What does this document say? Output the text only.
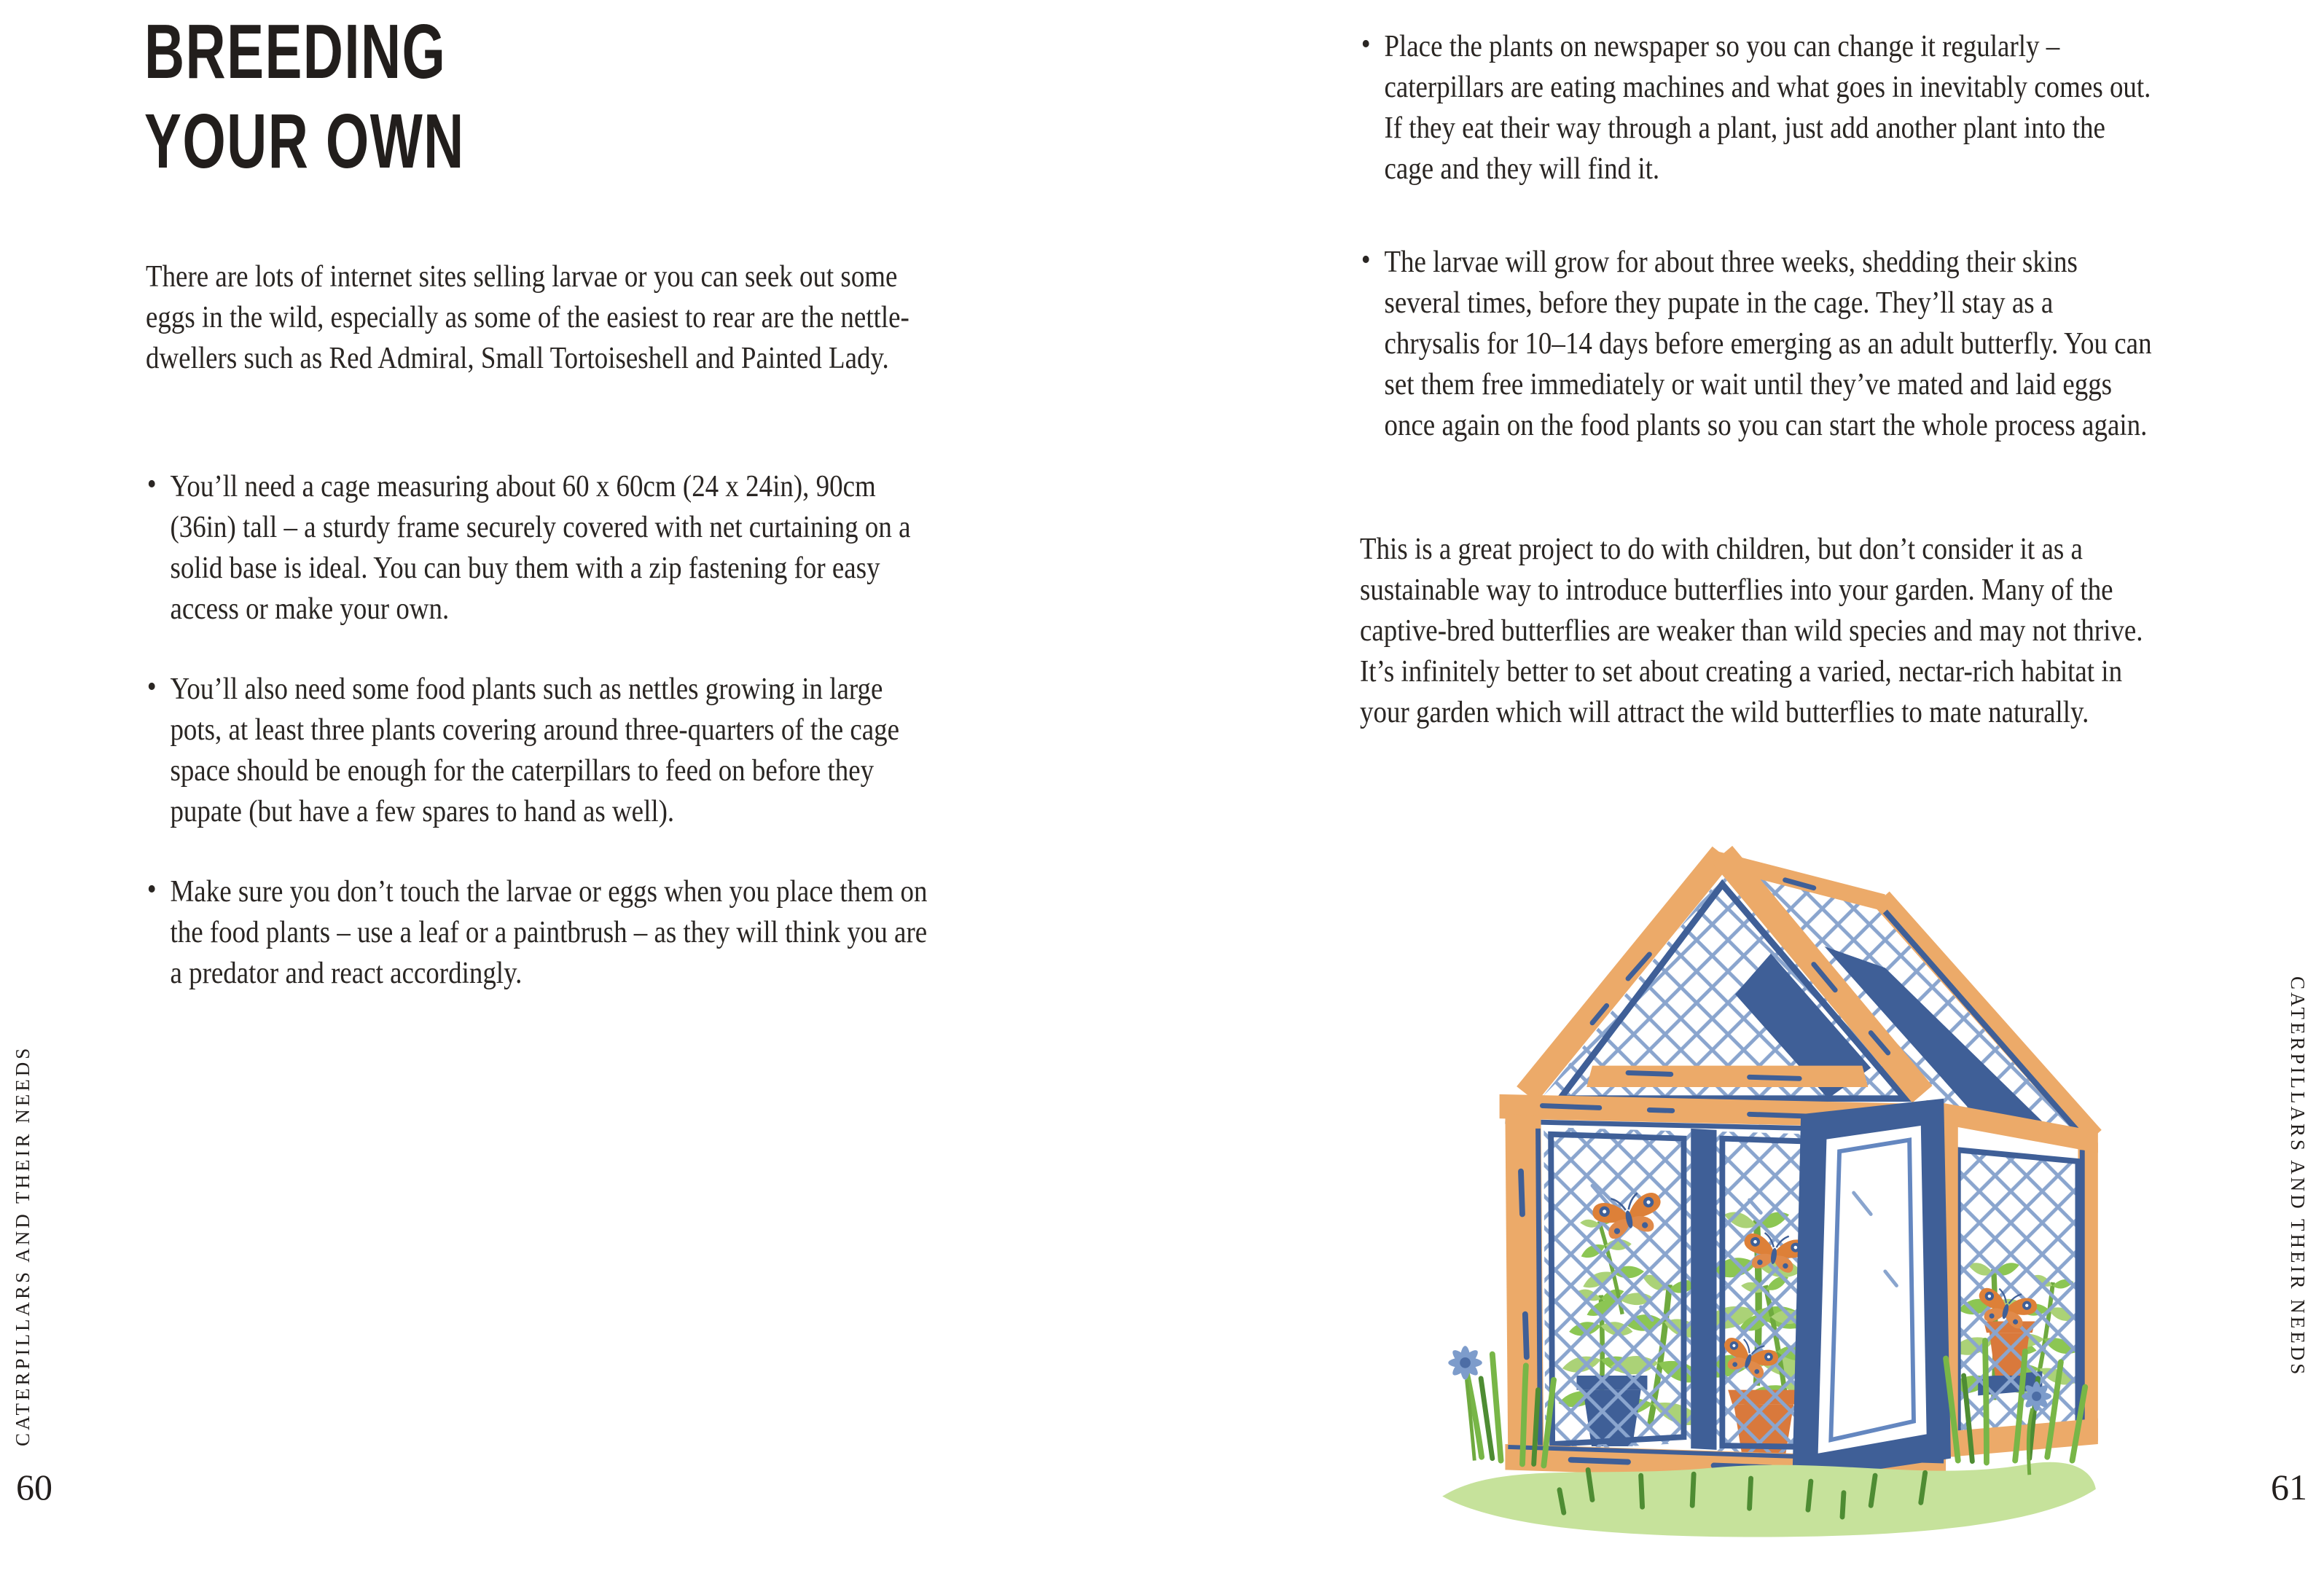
BREEDING
YOUR OWN
There are lots of internet sites selling larvae or you can seek out some eggs in the wild, especially as some of the easiest to rear are the nettle-dwellers such as Red Admiral, Small Tortoiseshell and Painted Lady.
• You’ll need a cage measuring about 60 x 60cm (24 x 24in), 90cm (36in) tall – a sturdy frame securely covered with net curtaining on a solid base is ideal. You can buy them with a zip fastening for easy access or make your own.
• You’ll also need some food plants such as nettles growing in large pots, at least three plants covering around three-quarters of the cage space should be enough for the caterpillars to feed on before they pupate (but have a few spares to hand as well).
• Make sure you don’t touch the larvae or eggs when you place them on the food plants – use a leaf or a paintbrush – as they will think you are a predator and react accordingly.
CATERPILLARS AND THEIR NEEDS
60
• Place the plants on newspaper so you can change it regularly – caterpillars are eating machines and what goes in inevitably comes out. If they eat their way through a plant, just add another plant into the cage and they will find it.
• The larvae will grow for about three weeks, shedding their skins several times, before they pupate in the cage. They’ll stay as a chrysalis for 10–14 days before emerging as an adult butterfly. You can set them free immediately or wait until they’ve mated and laid eggs once again on the food plants so you can start the whole process again.
This is a great project to do with children, but don’t consider it as a sustainable way to introduce butterflies into your garden. Many of the captive-bred butterflies are weaker than wild species and may not thrive. It’s infinitely better to set about creating a varied, nectar-rich habitat in your garden which will attract the wild butterflies to mate naturally.
CATERPILLARS AND THEIR NEEDS
61
